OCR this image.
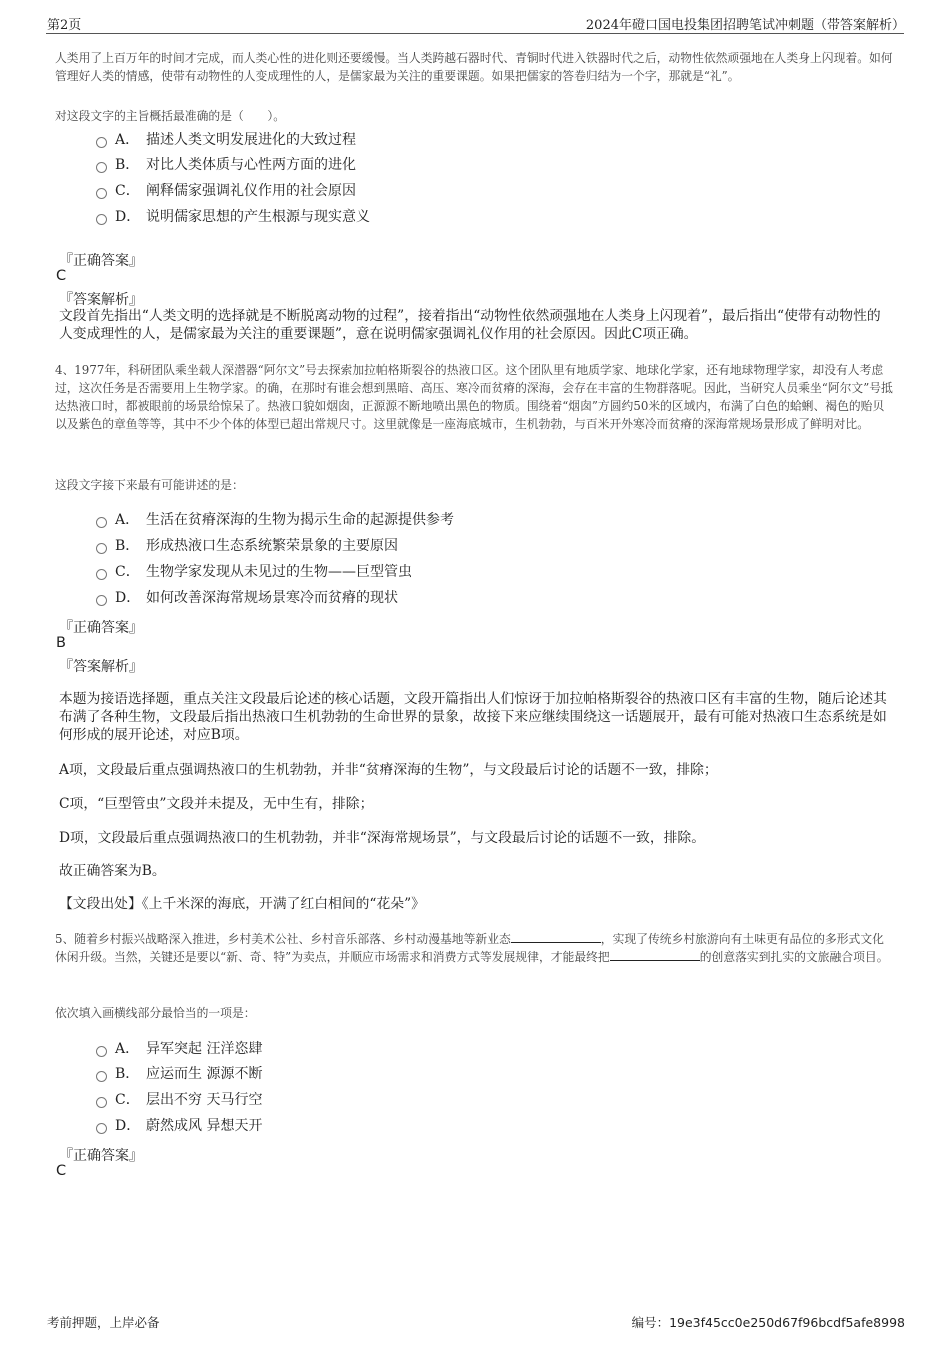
第2页	2024年磴口国电投集团招聘笔试冲刺题（带答案解析）
人类用了上百万年的时间才完成，而人类心性的进化则还要缓慢。当人类跨越石器时代、青铜时代进入铁器时代之后，动物性依然顽强地在人类身上闪现着。如何管理好人类的情感，使带有动物性的人变成理性的人，是儒家最为关注的重要课题。如果把儒家的答卷归结为一个字，那就是“礼”。
对这段文字的主旨概括最准确的是（　　）。
A． 描述人类文明发展进化的大致过程
B． 对比人类体质与心性两方面的进化
C． 阐释儒家强调礼仪作用的社会原因
D． 说明儒家思想的产生根源与现实意义
『正确答案』
C
『答案解析』
文段首先指出“人类文明的选择就是不断脱离动物的过程”，接着指出“动物性依然顽强地在人类身上闪现着”，最后指出“使带有动物性的人变成理性的人，是儒家最为关注的重要课题”，意在说明儒家强调礼仪作用的社会原因。因此C项正确。
4、1977年，科研团队乘坐载人深潜器“阿尔文”号去探索加拉帕格斯裂谷的热液口区。这个团队里有地质学家、地球化学家，还有地球物理学家，却没有人考虑过，这次任务是否需要用上生物学家。的确，在那时有谁会想到黑暗、高压、寒冷而贫瘠的深海，会存在丰富的生物群落呢。因此，当研究人员乘坐“阿尔文”号抵达热液口时，都被眼前的场景给惊呆了。热液口貌如烟囱，正源源不断地喷出黑色的物质。围绕着“烟囱”方圆约50米的区域内，布满了白色的蛤蜊、褐色的贻贝以及紫色的章鱼等等，其中不少个体的体型已超出常规尺寸。这里就像是一座海底城市，生机勃勃，与百米开外寒冷而贫瘠的深海常规场景形成了鲜明对比。
这段文字接下来最有可能讲述的是：
A． 生活在贫瘠深海的生物为揭示生命的起源提供参考
B． 形成热液口生态系统繁荣景象的主要原因
C． 生物学家发现从未见过的生物——巨型管虫
D． 如何改善深海常规场景寒冷而贫瘠的现状
『正确答案』
B
『答案解析』
本题为接语选择题，重点关注文段最后论述的核心话题，文段开篇指出人们惊讶于加拉帕格斯裂谷的热液口区有丰富的生物，随后论述其布满了各种生物，文段最后指出热液口生机勃勃的生命世界的景象，故接下来应继续围绕这一话题展开，最有可能对热液口生态系统是如何形成的展开论述，对应B项。
A项，文段最后重点强调热液口的生机勃勃，并非“贫瘠深海的生物”，与文段最后讨论的话题不一致，排除；
C项，“巨型管虫”文段并未提及，无中生有，排除；
D项，文段最后重点强调热液口的生机勃勃，并非“深海常规场景”，与文段最后讨论的话题不一致，排除。
故正确答案为B。
【文段出处】《上千米深的海底，开满了红白相间的“花朵”》
5、随着乡村振兴战略深入推进，乡村美术公社、乡村音乐部落、乡村动漫基地等新业态	，实现了传统乡村旅游向有土味更有品位的多形式文化休闲升级。当然，关键还是要以“新、奇、特”为卖点，并顺应市场需求和消费方式等发展规律，才能最终把	的创意落实到扎实的文旅融合项目。
依次填入画横线部分最恰当的一项是：
A． 异军突起 汪洋恣肆
B． 应运而生 源源不断
C． 层出不穷 天马行空
D． 蔚然成风 异想天开
『正确答案』
C
考前押题，上岸必备	编号：19e3f45cc0e250d67f96bcdf5afe8998
